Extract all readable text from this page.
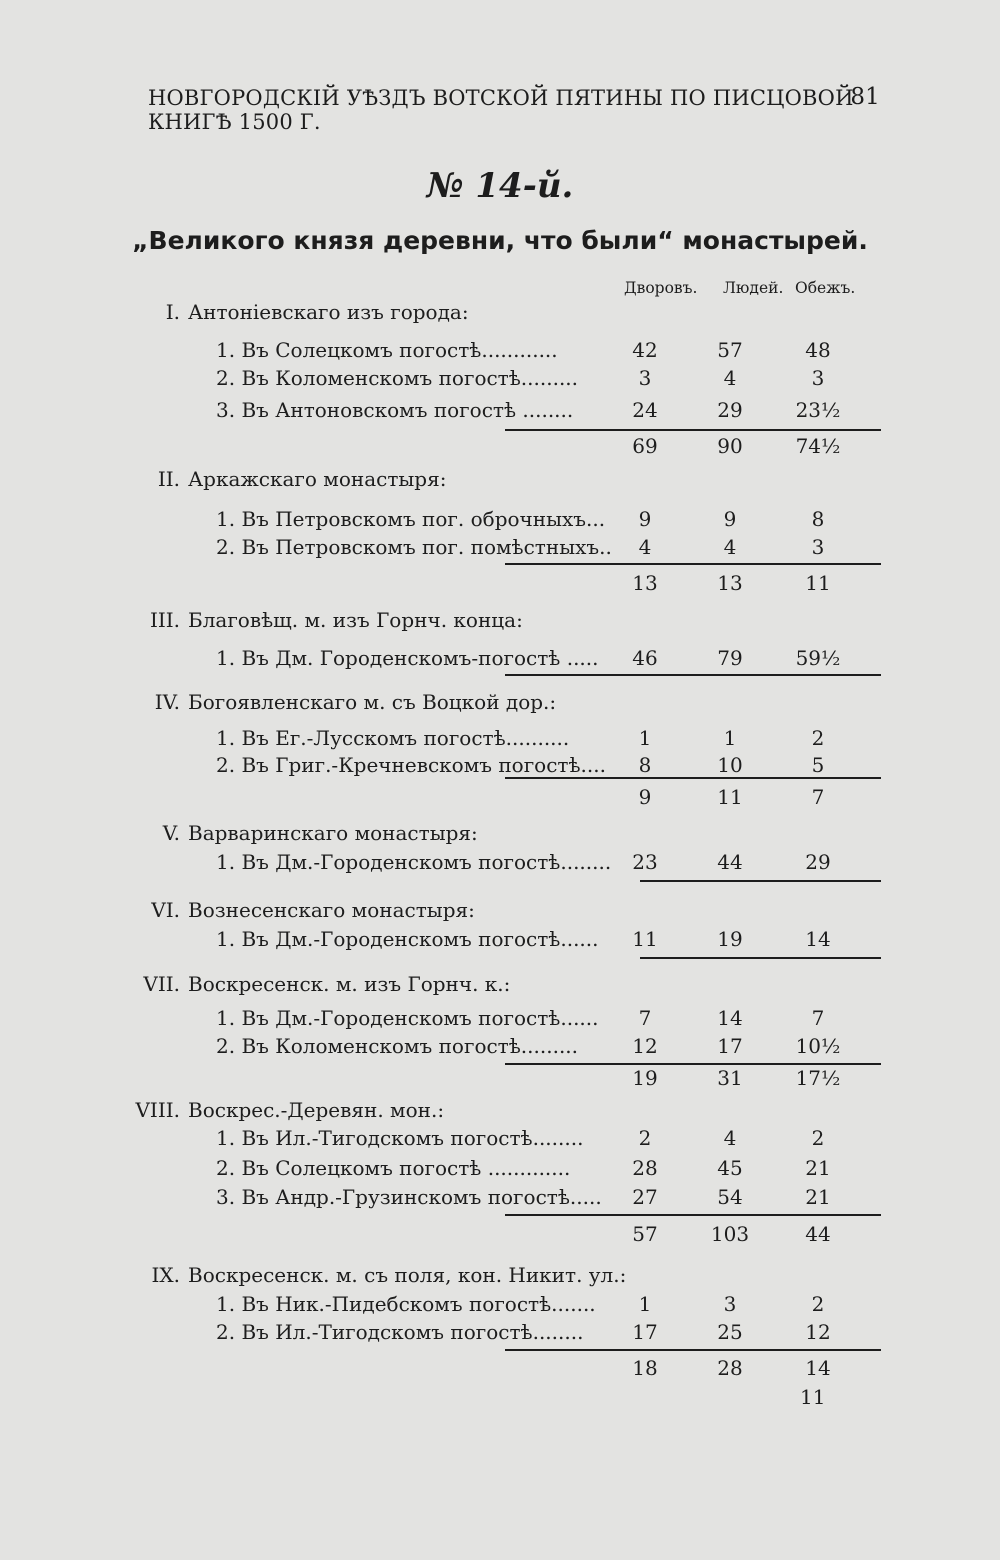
НОВГОРОДСКІЙ УѢЗДЪ ВОТСКОЙ ПЯТИНЫ ПО ПИСЦОВОЙ КНИГѢ 1500 Г.
81
№ 14-й.
„Великого князя деревни, что были“ монастырей.
Дворовъ. Людей. Обежъ.
I. Антоніевскаго изъ города:
1. Въ Солецкомъ погостѣ............	42	57	48
2. Въ Коломенскомъ погостѣ.........	3	4	3
3. Въ Антоновскомъ погостѣ ........	24	29	23½
69	90	74½
II. Аркажскаго монастыря:
1. Въ Петровскомъ пог. оброчныхъ...	9	9	8
2. Въ Петровскомъ пог. помѣстныхъ..	4	4	3
13	13	11
III. Благовѣщ. м. изъ Горнч. конца:
1. Въ Дм. Городенскомъ-погостѣ .....	46	79	59½
IV. Богоявленскаго м. съ Воцкой дор.:
1. Въ Ег.-Лусскомъ погостѣ..........	1	1	2
2. Въ Григ.-Кречневскомъ погостѣ....	8	10	5
9	11	7
V. Варваринскаго монастыря:
1. Въ Дм.-Городенскомъ погостѣ........	23	44	29
VI. Вознесенскаго монастыря:
1. Въ Дм.-Городенскомъ погостѣ......	11	19	14
VII. Воскресенск. м. изъ Горнч. к.:
1. Въ Дм.-Городенскомъ погостѣ......	7	14	7
2. Въ Коломенскомъ погостѣ.........	12	17	10½
19	31	17½
VIII. Воскрес.-Деревян. мон.:
1. Въ Ил.-Тигодскомъ погостѣ........	2	4	2
2. Въ Солецкомъ погостѣ .............	28	45	21
3. Въ Андр.-Грузинскомъ погостѣ.....	27	54	21
57	103	44
IX. Воскресенск. м. съ поля, кон. Никит. ул.:
1. Въ Ник.-Пидебскомъ погостѣ.......	1	3	2
2. Въ Ил.-Тигодскомъ погостѣ........	17	25	12
18	28	14
11
